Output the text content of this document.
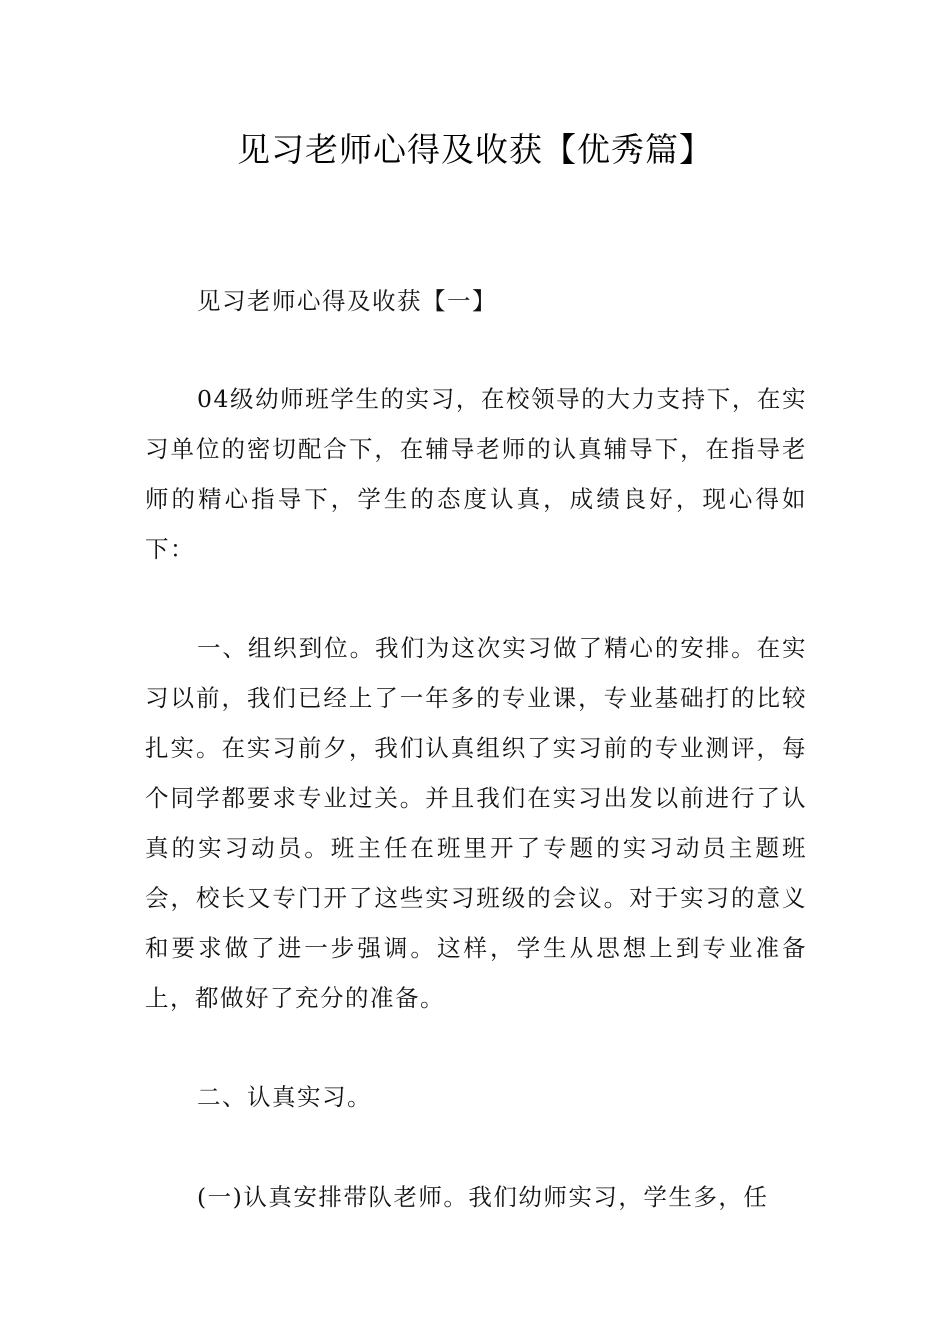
见习老师心得及收获【优秀篇】

见习老师心得及收获【一】

04级幼师班学生的实习，在校领导的大力支持下，在实习单位的密切配合下，在辅导老师的认真辅导下，在指导老师的精心指导下，学生的态度认真，成绩良好，现心得如下：

一、组织到位。我们为这次实习做了精心的安排。在实习以前，我们已经上了一年多的专业课，专业基础打的比较扎实。在实习前夕，我们认真组织了实习前的专业测评，每个同学都要求专业过关。并且我们在实习出发以前进行了认真的实习动员。班主任在班里开了专题的实习动员主题班会，校长又专门开了这些实习班级的会议。对于实习的意义和要求做了进一步强调。这样，学生从思想上到专业准备上，都做好了充分的准备。

二、认真实习。

(一)认真安排带队老师。我们幼师实习，学生多，任
